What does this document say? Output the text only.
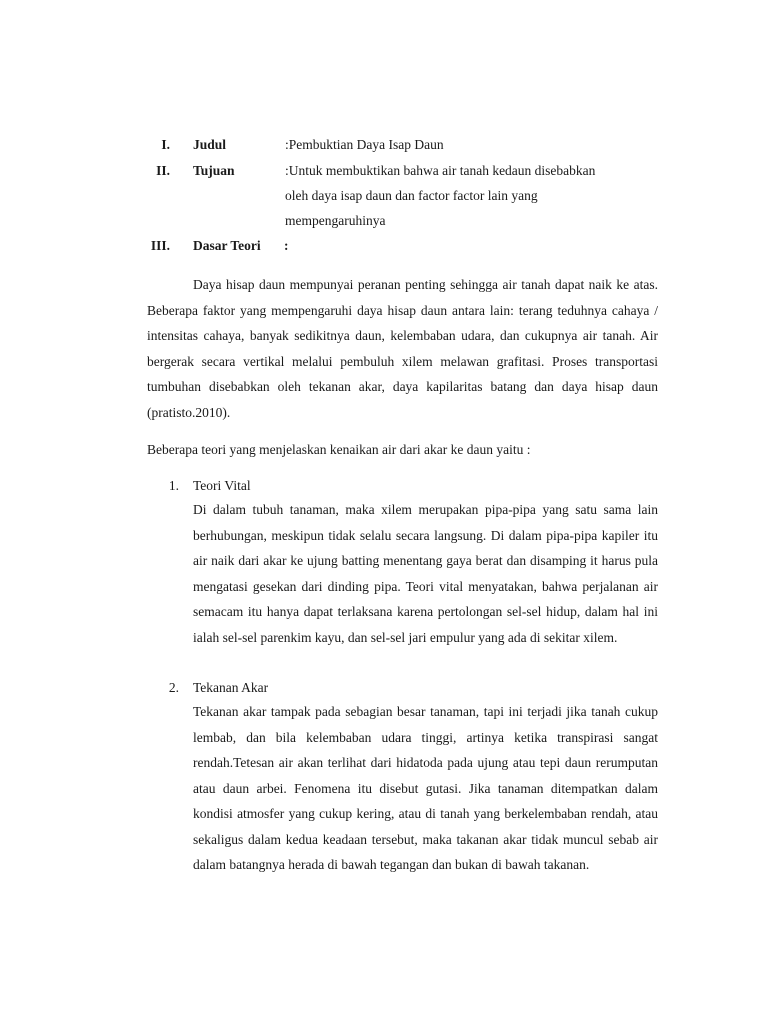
I. Judul	:Pembuktian Daya Isap Daun
II. Tujuan	:Untuk membuktikan bahwa air tanah kedaun disebabkan
oleh daya isap daun dan factor factor lain yang
mempengaruhinya
III. Dasar Teori :

Daya hisap daun mempunyai peranan penting sehingga air tanah dapat naik ke atas. Beberapa faktor yang mempengaruhi daya hisap daun antara lain: terang teduhnya cahaya / intensitas cahaya, banyak sedikitnya daun, kelembaban udara, dan cukupnya air tanah. Air bergerak secara vertikal melalui pembuluh xilem melawan grafitasi. Proses transportasi tumbuhan disebabkan oleh tekanan akar, daya kapilaritas batang dan daya hisap daun (pratisto.2010).

Beberapa teori yang menjelaskan kenaikan air dari akar ke daun yaitu :

1. Teori Vital

Di dalam tubuh tanaman, maka xilem merupakan pipa-pipa yang satu sama lain berhubungan, meskipun tidak selalu secara langsung. Di dalam pipa-pipa kapiler itu air naik dari akar ke ujung batting menentang gaya berat dan disamping it harus pula mengatasi gesekan dari dinding pipa. Teori vital menyatakan, bahwa perjalanan air semacam itu hanya dapat terlaksana karena pertolongan sel-sel hidup, dalam hal ini ialah sel-sel parenkim kayu, dan sel-sel jari empulur yang ada di sekitar xilem.

2. Tekanan Akar

Tekanan akar tampak pada sebagian besar tanaman, tapi ini terjadi jika tanah cukup lembab, dan bila kelembaban udara tinggi, artinya ketika transpirasi sangat rendah.Tetesan air akan terlihat dari hidatoda pada ujung atau tepi daun rerumputan atau daun arbei. Fenomena itu disebut gutasi. Jika tanaman ditempatkan dalam kondisi atmosfer yang cukup kering, atau di tanah yang berkelembaban rendah, atau sekaligus dalam kedua keadaan tersebut, maka takanan akar tidak muncul sebab air dalam batangnya herada di bawah tegangan dan bukan di bawah takanan.
